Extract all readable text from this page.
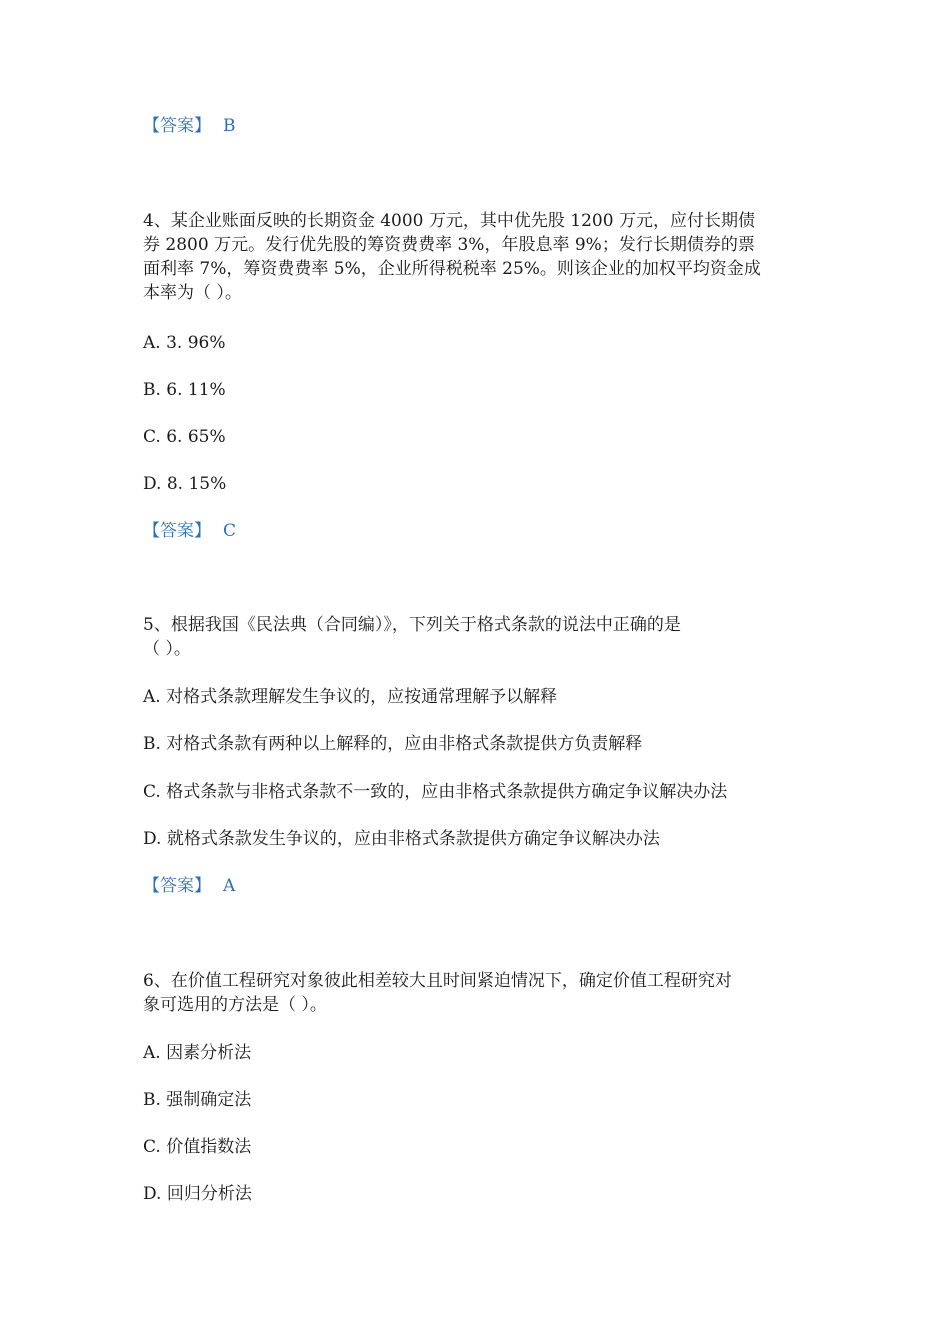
【答案】 B
4、某企业账面反映的长期资金 4000 万元，其中优先股 1200 万元，应付长期债
券 2800 万元。发行优先股的筹资费费率 3%，年股息率 9%；发行长期债券的票
面利率 7%，筹资费费率 5%，企业所得税税率 25%。则该企业的加权平均资金成
本率为（ ）。
A. 3. 96%
B. 6. 11%
C. 6. 65%
D. 8. 15%
【答案】 C
5、根据我国《民法典（合同编）》，下列关于格式条款的说法中正确的是
（ ）。
A. 对格式条款理解发生争议的，应按通常理解予以解释
B. 对格式条款有两种以上解释的，应由非格式条款提供方负责解释
C. 格式条款与非格式条款不一致的，应由非格式条款提供方确定争议解决办法
D. 就格式条款发生争议的，应由非格式条款提供方确定争议解决办法
【答案】 A
6、在价值工程研究对象彼此相差较大且时间紧迫情况下，确定价值工程研究对
象可选用的方法是（ ）。
A. 因素分析法
B. 强制确定法
C. 价值指数法
D. 回归分析法
